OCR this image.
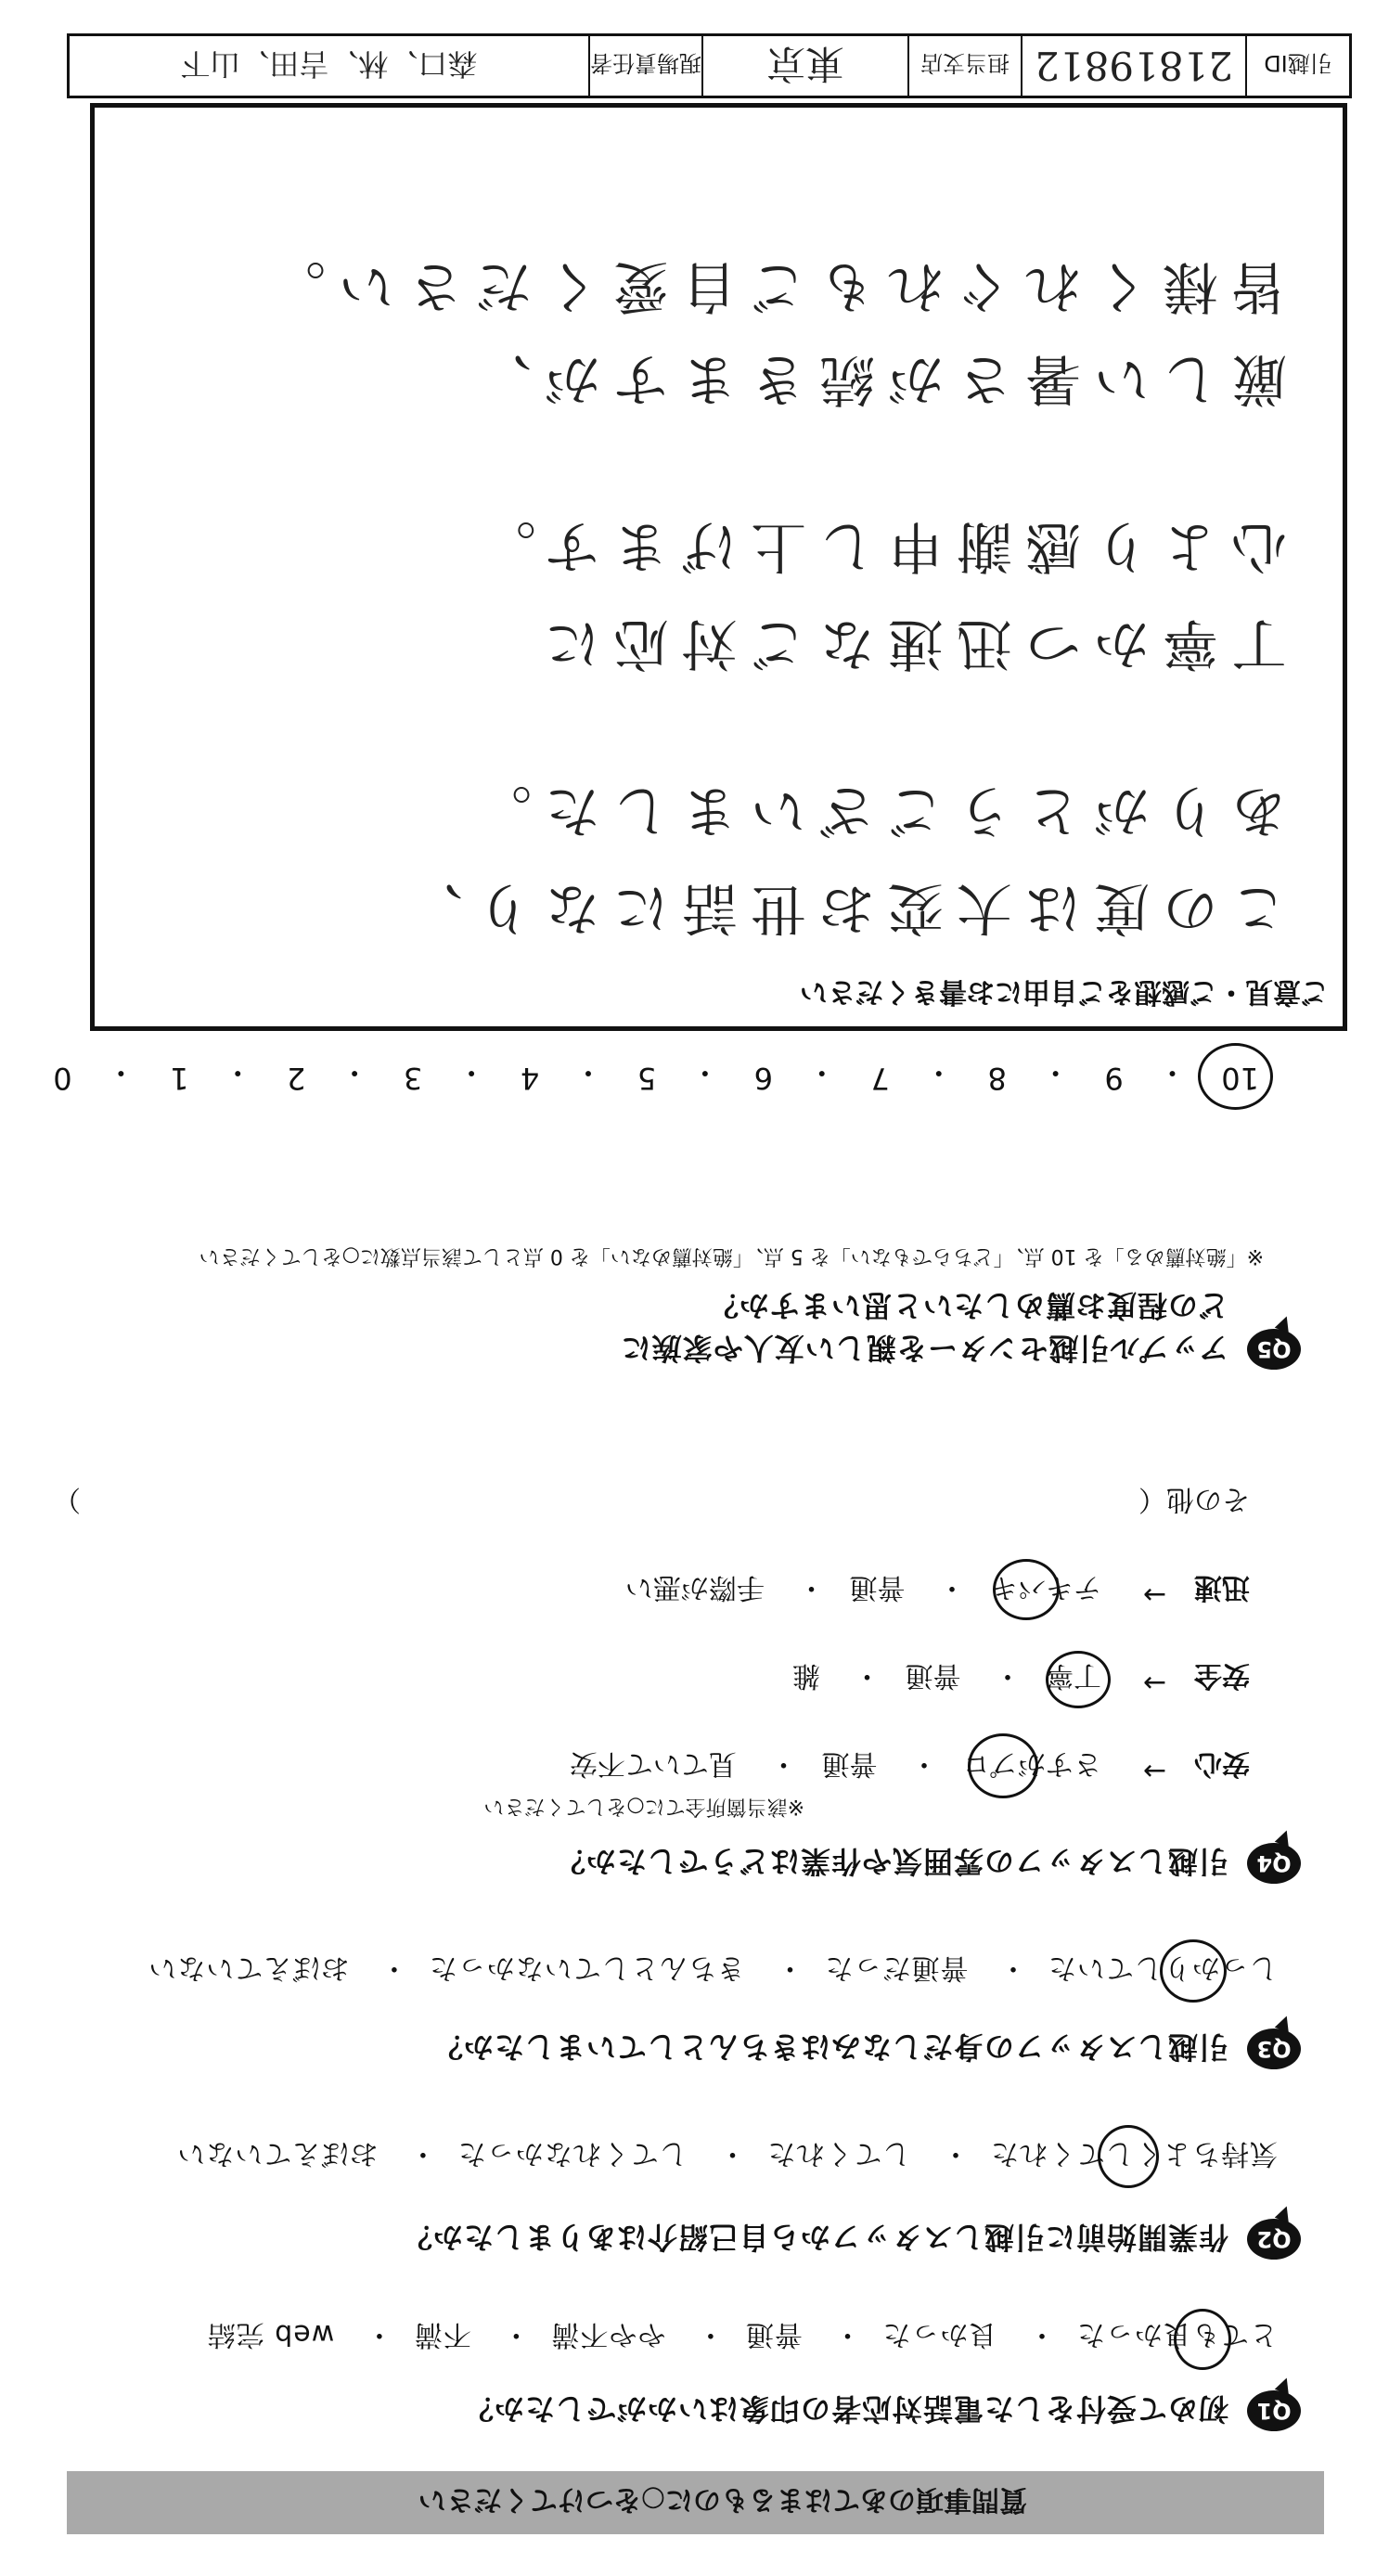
質問事項のあてはまるものに○をつけてください
Q1
初めて受付をした電話対応者の印象はいかがでしたか？
とても良かった・ 良かった・ 普通・ やや不満・ 不満・ web 完結
Q2
作業開始前に引越しスタッフから自己紹介はありましたか？
気持ちよくしてくれた・ してくれた・ してくれなかった・ おぼえていない
Q3
引越しスタッフの身だしなみはきちんとしていましたか？
しっかりしていた・ 普通だった・ きちんとしていなかった・ おぼえていない
Q4
引越しスタッフの雰囲気や作業はどうでしたか？
※該当箇所全てに○をしてください
安心
→
さすがプロ・ 普通・ 見ていて不安
安全
→
丁寧・ 普通・ 雑
迅速
→
テキパキ・ 普通・ 手際が悪い
その他（
）
Q5
アップル引越センターを親しい友人や家族に
どの程度お薦めしたいと思いますか？
※「絶対薦める」を 10 点、「どちらでもない」を 5 点、「絶対薦めない」を 0 点として該当点数に○をしてください
10
・
9
・
8
・
7
・
6
・
5
・
4
・
3
・
2
・
1
・
0
ご意見・ご感想をご自由にお書きください
この度は大変お世話になり、
ありがとうございました。
丁寧かつ迅速なご対応に
心より感謝申し上げます。
厳しい暑さが続きますが、
皆様くれぐれもご自愛ください。
引越ID
21819812
担当支店
東京
現場責任者
森口、林、吉田、山下
